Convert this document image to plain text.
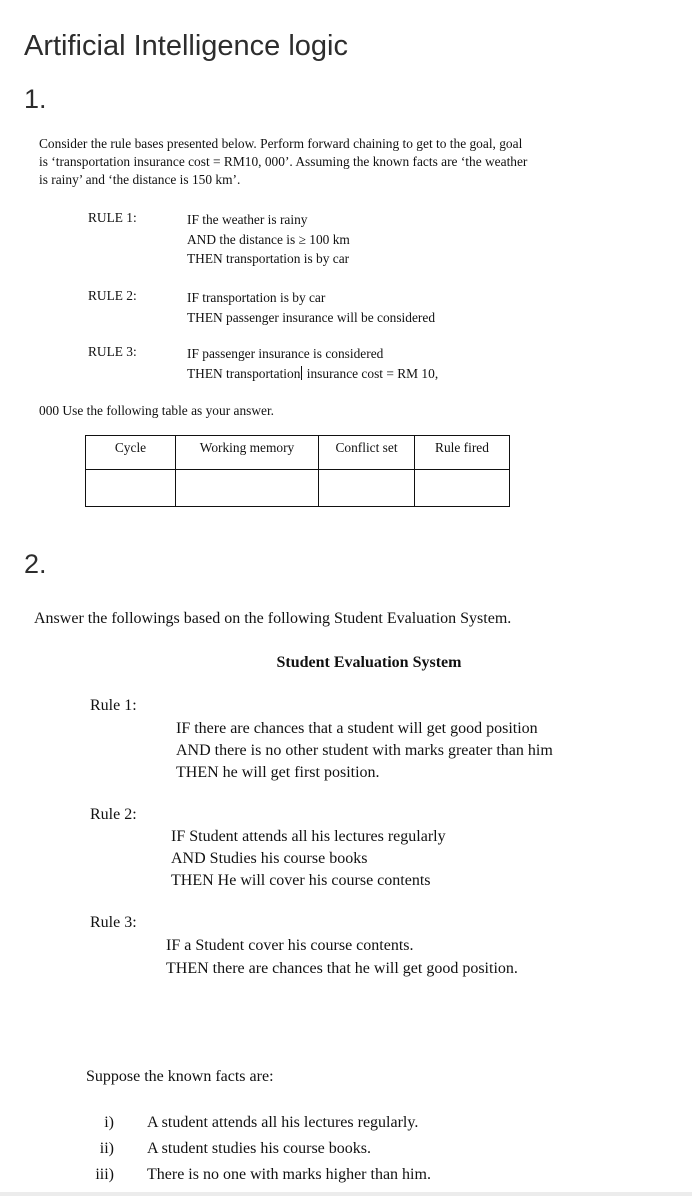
Artificial Intelligence logic
1.
Consider the rule bases presented below. Perform forward chaining to get to the goal, goal
is ‘transportation insurance cost = RM10, 000’. Assuming the known facts are ‘the weather
is rainy’ and ‘the distance is 150 km’.
RULE 1:	IF the weather is rainy
AND the distance is ≥ 100 km
THEN transportation is by car
RULE 2:	IF transportation is by car
THEN passenger insurance will be considered
RULE 3:	IF passenger insurance is considered
THEN transportation insurance cost = RM 10,
000 Use the following table as your answer.
Cycle	Working memory	Conflict set	Rule fired

2.
Answer the followings based on the following Student Evaluation System.
Student Evaluation System
Rule 1:
IF there are chances that a student will get good position
AND there is no other student with marks greater than him
THEN he will get first position.
Rule 2:
IF Student attends all his lectures regularly
AND Studies his course books
THEN He will cover his course contents
Rule 3:
IF a Student cover his course contents.
THEN there are chances that he will get good position.
Suppose the known facts are:
i) A student attends all his lectures regularly.
ii) A student studies his course books.
iii) There is no one with marks higher than him.
